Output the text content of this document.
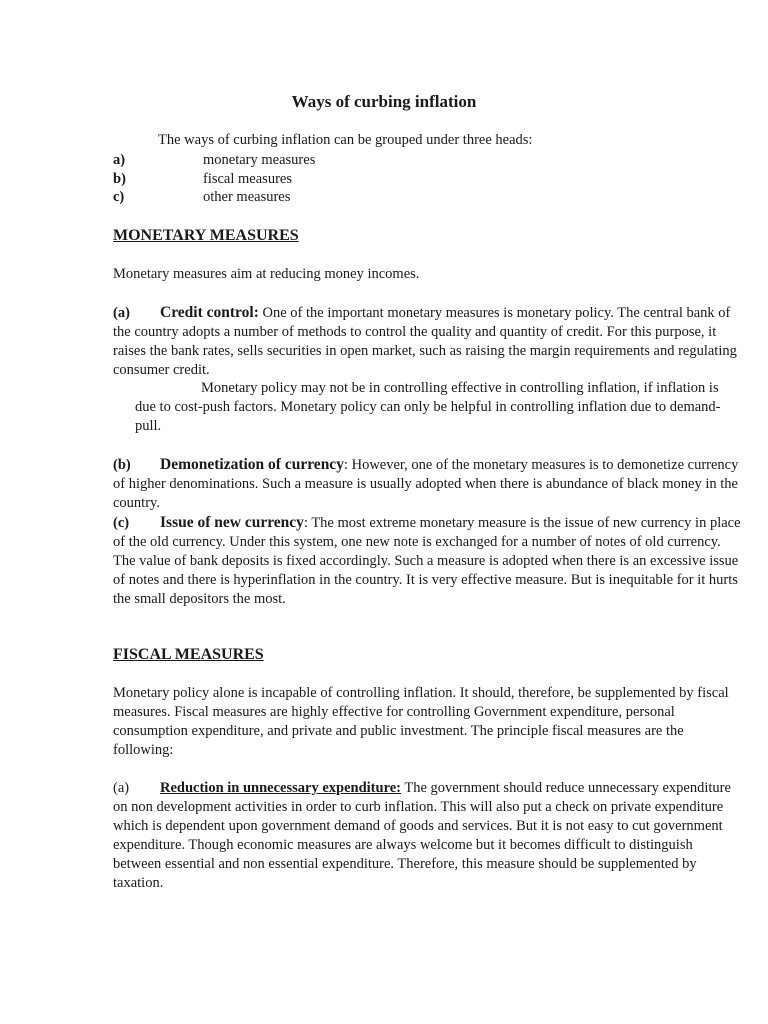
Ways of curbing inflation

The ways of curbing inflation can be grouped under three heads:

a)	monetary measures
b)	fiscal measures
c)	other measures
MONETARY MEASURES

Monetary measures aim at reducing money incomes.

(a) Credit control: One of the important monetary measures is monetary policy. The central bank of the country adopts a number of methods to control the quality and quantity of credit. For this purpose, it raises the bank rates, sells securities in open market, such as raising the margin requirements and regulating consumer credit.

Monetary policy may not be in controlling effective in controlling inflation, if inflation is due to cost-push factors. Monetary policy can only be helpful in controlling inflation due to demand-pull.

(b) Demonetization of currency: However, one of the monetary measures is to demonetize currency of higher denominations. Such a measure is usually adopted when there is abundance of black money in the country.

(c) Issue of new currency: The most extreme monetary measure is the issue of new currency in place of the old currency. Under this system, one new note is exchanged for a number of notes of old currency. The value of bank deposits is fixed accordingly. Such a measure is adopted when there is an excessive issue of notes and there is hyperinflation in the country. It is very effective measure. But is inequitable for it hurts the small depositors the most.

FISCAL MEASURES

Monetary policy alone is incapable of controlling inflation. It should, therefore, be supplemented by fiscal measures. Fiscal measures are highly effective for controlling Government expenditure, personal consumption expenditure, and private and public investment. The principle fiscal measures are the following:

(a) Reduction in unnecessary expenditure: The government should reduce unnecessary expenditure on non development activities in order to curb inflation. This will also put a check on private expenditure which is dependent upon government demand of goods and services. But it is not easy to cut government expenditure. Though economic measures are always welcome but it becomes difficult to distinguish between essential and non essential expenditure. Therefore, this measure should be supplemented by taxation.
